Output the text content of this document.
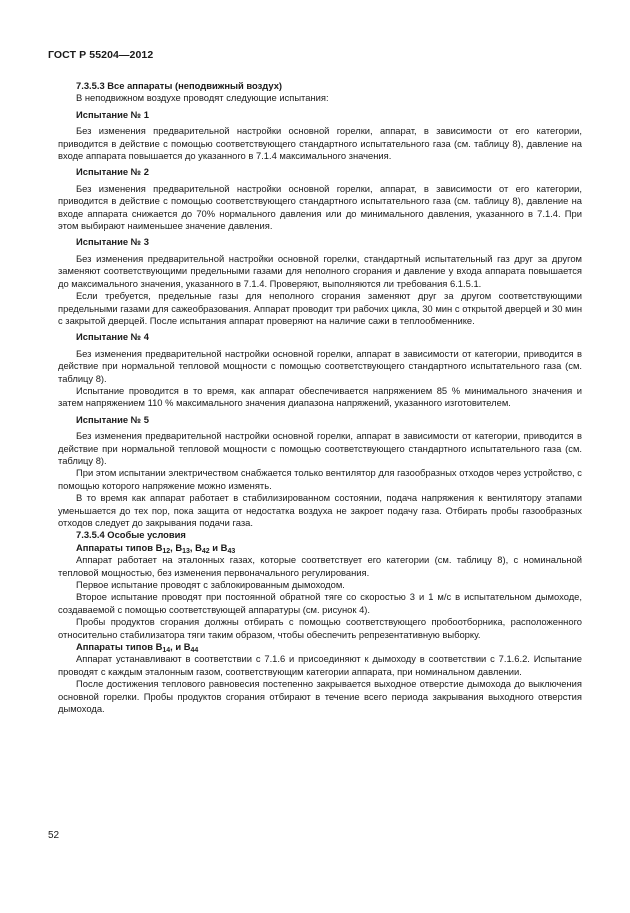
ГОСТ Р 55204—2012

7.3.5.3 Все аппараты (неподвижный воздух)

В неподвижном воздухе проводят следующие испытания:

Испытание № 1

Без изменения предварительной настройки основной горелки, аппарат, в зависимости от его категории, приводится в действие с помощью соответствующего стандартного испытательного газа (см. таблицу 8), давление на входе аппарата повышается до указанного в 7.1.4 максимального значения.

Испытание № 2

Без изменения предварительной настройки основной горелки, аппарат, в зависимости от его категории, приводится в действие с помощью соответствующего стандартного испытательного газа (см. таблицу 8), давление на входе аппарата снижается до 70% нормального давления или до минимального давления, указанного в 7.1.4. При этом выбирают наименьшее значение давления.

Испытание № 3

Без изменения предварительной настройки основной горелки, стандартный испытательный газ друг за другом заменяют соответствующими предельными газами для неполного сгорания и давление у входа аппарата повышается до максимального значения, указанного в 7.1.4. Проверяют, выполняются ли требования 6.1.5.1.

Если требуется, предельные газы для неполного сгорания заменяют друг за другом соответствующими предельными газами для сажеобразования. Аппарат проводит три рабочих цикла, 30 мин с открытой дверцей и 30 мин с закрытой дверцей. После испытания аппарат проверяют на наличие сажи в теплообменнике.

Испытание № 4

Без изменения предварительной настройки основной горелки, аппарат в зависимости от категории, приводится в действие при нормальной тепловой мощности с помощью соответствующего стандартного испытательного газа (см. таблицу 8).

Испытание проводится в то время, как аппарат обеспечивается напряжением 85 % минимального значения и затем напряжением 110 % максимального значения диапазона напряжений, указанного изготовителем.

Испытание № 5

Без изменения предварительной настройки основной горелки, аппарат в зависимости от категории, приводится в действие при нормальной тепловой мощности с помощью соответствующего стандартного испытательного газа (см. таблицу 8).

При этом испытании электричеством снабжается только вентилятор для газообразных отходов через устройство, с помощью которого напряжение можно изменять.

В то время как аппарат работает в стабилизированном состоянии, подача напряжения к вентилятору этапами уменьшается до тех пор, пока защита от недостатка воздуха не закроет подачу газа. Отбирать пробы газообразных отходов следует до закрывания подачи газа.

7.3.5.4 Особые условия

Аппараты типов $B_{12}$, $B_{13}$, $B_{42}$ и $B_{43}$

Аппарат работает на эталонных газах, которые соответствует его категории (см. таблицу 8), с номинальной тепловой мощностью, без изменения первоначального регулирования.

Первое испытание проводят с заблокированным дымоходом.

Второе испытание проводят при постоянной обратной тяге со скоростью 3 и 1 м/с в испытательном дымоходе, создаваемой с помощью соответствующей аппаратуры (см. рисунок 4).

Пробы продуктов сгорания должны отбирать с помощью соответствующего пробоотборника, расположенного относительно стабилизатора тяги таким образом, чтобы обеспечить репрезентативную выборку.

Аппараты типов $B_{14}$, и $B_{44}$

Аппарат устанавливают в соответствии с 7.1.6 и присоединяют к дымоходу в соответствии с 7.1.6.2. Испытание проводят с каждым эталонным газом, соответствующим категории аппарата, при номинальном давлении.

После достижения теплового равновесия постепенно закрывается выходное отверстие дымохода до выключения основной горелки. Пробы продуктов сгорания отбирают в течение всего периода закрывания выходного отверстия дымохода.

52
